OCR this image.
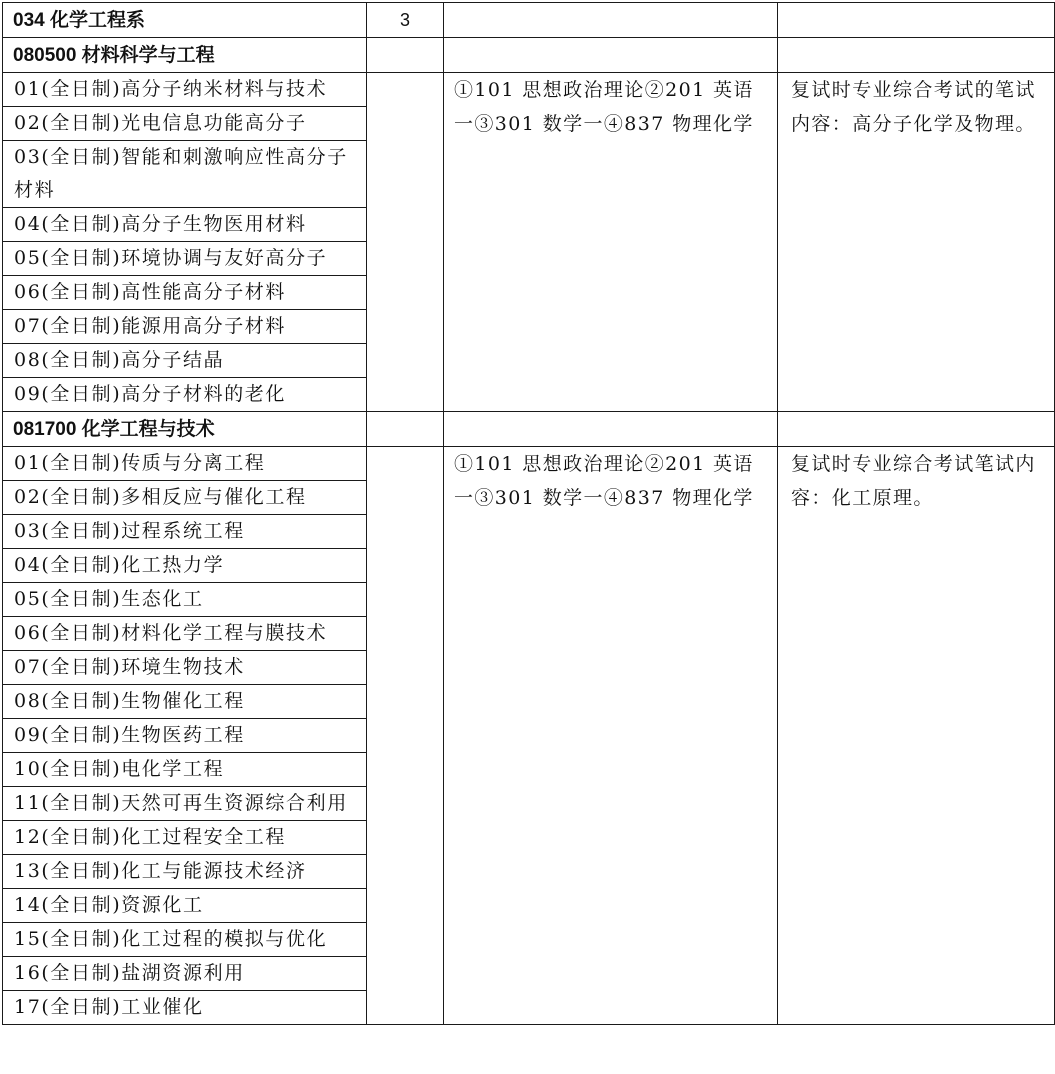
034 化学工程系	3		
080500 材料科学与工程			
01(全日制)高分子纳米材料与技术		①101 思想政治理论②201 英语一③301 数学一④837 物理化学	复试时专业综合考试的笔试内容：高分子化学及物理。
02(全日制)光电信息功能高分子			
03(全日制)智能和刺激响应性高分子材料			
04(全日制)高分子生物医用材料			
05(全日制)环境协调与友好高分子			
06(全日制)高性能高分子材料			
07(全日制)能源用高分子材料			
08(全日制)高分子结晶			
09(全日制)高分子材料的老化			
081700 化学工程与技术			
01(全日制)传质与分离工程		①101 思想政治理论②201 英语一③301 数学一④837 物理化学	复试时专业综合考试笔试内容：化工原理。
02(全日制)多相反应与催化工程			
03(全日制)过程系统工程			
04(全日制)化工热力学			
05(全日制)生态化工			
06(全日制)材料化学工程与膜技术			
07(全日制)环境生物技术			
08(全日制)生物催化工程			
09(全日制)生物医药工程			
10(全日制)电化学工程			
11(全日制)天然可再生资源综合利用			
12(全日制)化工过程安全工程			
13(全日制)化工与能源技术经济			
14(全日制)资源化工			
15(全日制)化工过程的模拟与优化			
16(全日制)盐湖资源利用			
17(全日制)工业催化			
